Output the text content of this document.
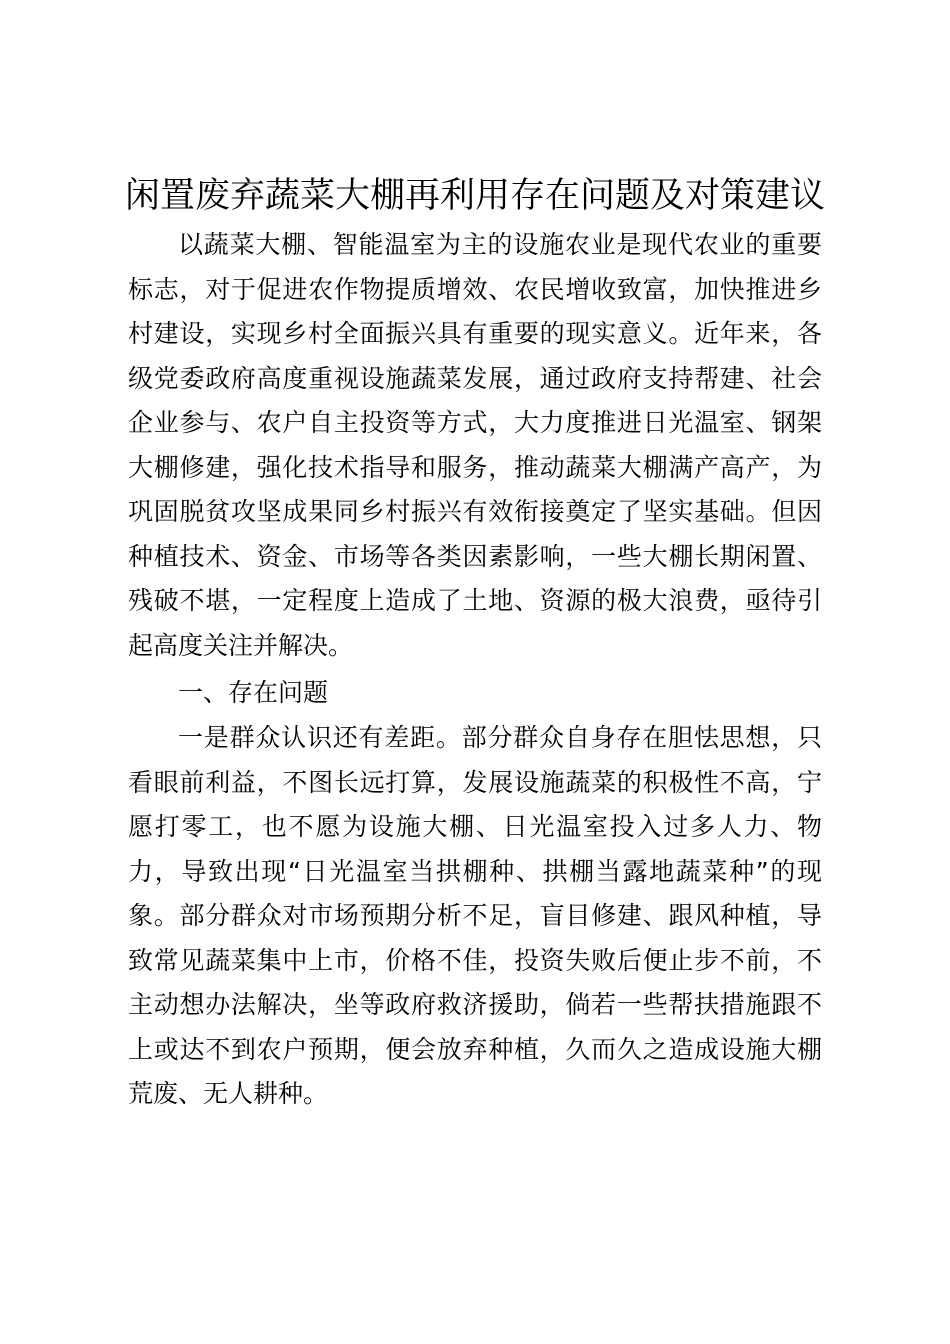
闲置废弃蔬菜大棚再利用存在问题及对策建议

以蔬菜大棚、智能温室为主的设施农业是现代农业的重要标志，对于促进农作物提质增效、农民增收致富，加快推进乡村建设，实现乡村全面振兴具有重要的现实意义。近年来，各级党委政府高度重视设施蔬菜发展，通过政府支持帮建、社会企业参与、农户自主投资等方式，大力度推进日光温室、钢架大棚修建，强化技术指导和服务，推动蔬菜大棚满产高产，为巩固脱贫攻坚成果同乡村振兴有效衔接奠定了坚实基础。但因种植技术、资金、市场等各类因素影响，一些大棚长期闲置、残破不堪，一定程度上造成了土地、资源的极大浪费，亟待引起高度关注并解决。

一、存在问题

一是群众认识还有差距。部分群众自身存在胆怯思想，只看眼前利益，不图长远打算，发展设施蔬菜的积极性不高，宁愿打零工，也不愿为设施大棚、日光温室投入过多人力、物力，导致出现“日光温室当拱棚种、拱棚当露地蔬菜种”的现象。部分群众对市场预期分析不足，盲目修建、跟风种植，导致常见蔬菜集中上市，价格不佳，投资失败后便止步不前，不主动想办法解决，坐等政府救济援助，倘若一些帮扶措施跟不上或达不到农户预期，便会放弃种植，久而久之造成设施大棚荒废、无人耕种。
